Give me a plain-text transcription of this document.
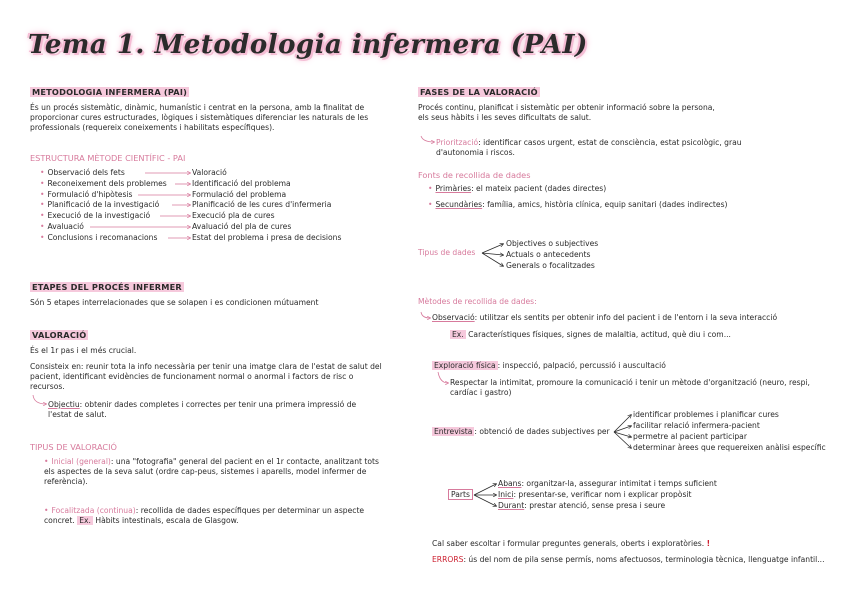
Tema 1. Metodologia infermera (PAI)
METODOLOGIA INFERMERA (PAI)
És un procés sistemàtic, dinàmic, humanístic i centrat en la persona, amb la finalitat de proporcionar cures estructurades, lògiques i sistemàtiques diferenciar les naturals de les professionals (requereix coneixements i habilitats específiques).
ESTRUCTURA MÈTODE CIENTÍFIC - PAI
• Observació dels fets	Valoració
• Reconeixement dels problemes	Identificació del problema
• Formulació d'hipòtesis	Formulació del problema
• Planificació de la investigació	Planificació de les cures d'infermeria
• Execució de la investigació	Execució pla de cures
• Avaluació	Avaluació del pla de cures
• Conclusions i recomanacions	Estat del problema i presa de decisions
ETAPES DEL PROCÉS INFERMER
Són 5 etapes interrelacionades que se solapen i es condicionen mútuament
VALORACIÓ
És el 1r pas i el més crucial.
Consisteix en: reunir tota la info necessària per tenir una imatge clara de l'estat de salut del pacient, identificant evidències de funcionament normal o anormal i factors de risc o recursos.
Objectiu: obtenir dades completes i correctes per tenir una primera impressió de l'estat de salut.
TIPUS DE VALORACIÓ
• Inicial (general): una "fotografia" general del pacient en el 1r contacte, analitzant tots els aspectes de la seva salut (ordre cap-peus, sistemes i aparells, model infermer de referència).
• Focalitzada (continua): recollida de dades específiques per determinar un aspecte concret. Ex. Hàbits intestinals, escala de Glasgow.
FASES DE LA VALORACIÓ
Procés continu, planificat i sistemàtic per obtenir informació sobre la persona,
els seus hàbits i les seves dificultats de salut.
Priorització: identificar casos urgent, estat de consciència, estat psicològic, grau
d'autonomia i riscos.
Fonts de recollida de dades
• Primàries: el mateix pacient (dades directes)
• Secundàries: família, amics, història clínica, equip sanitari (dades indirectes)
Tipus de dades
Objectives o subjectives
Actuals o antecedents
Generals o focalitzades
Mètodes de recollida de dades:
Observació: utilitzar els sentits per obtenir info del pacient i de l'entorn i la seva interacció
Ex. Característiques físiques, signes de malaltia, actitud, què diu i com...
Exploració física : inspecció, palpació, percussió i auscultació
Respectar la intimitat, promoure la comunicació i tenir un mètode d'organització (neuro, respi,
cardíac i gastro)
Entrevista : obtenció de dades subjectives per
identificar problemes i planificar cures
facilitar relació infermera-pacient
permetre al pacient participar
determinar àrees que requereixen anàlisi específic
Parts
Abans: organitzar-la, assegurar intimitat i temps suficient
Inici: presentar-se, verificar nom i explicar propòsit
Durant: prestar atenció, sense presa i seure
Cal saber escoltar i formular preguntes generals, oberts i exploratòries. !
ERRORS: ús del nom de pila sense permís, noms afectuosos, terminologia tècnica, llenguatge infantil...
